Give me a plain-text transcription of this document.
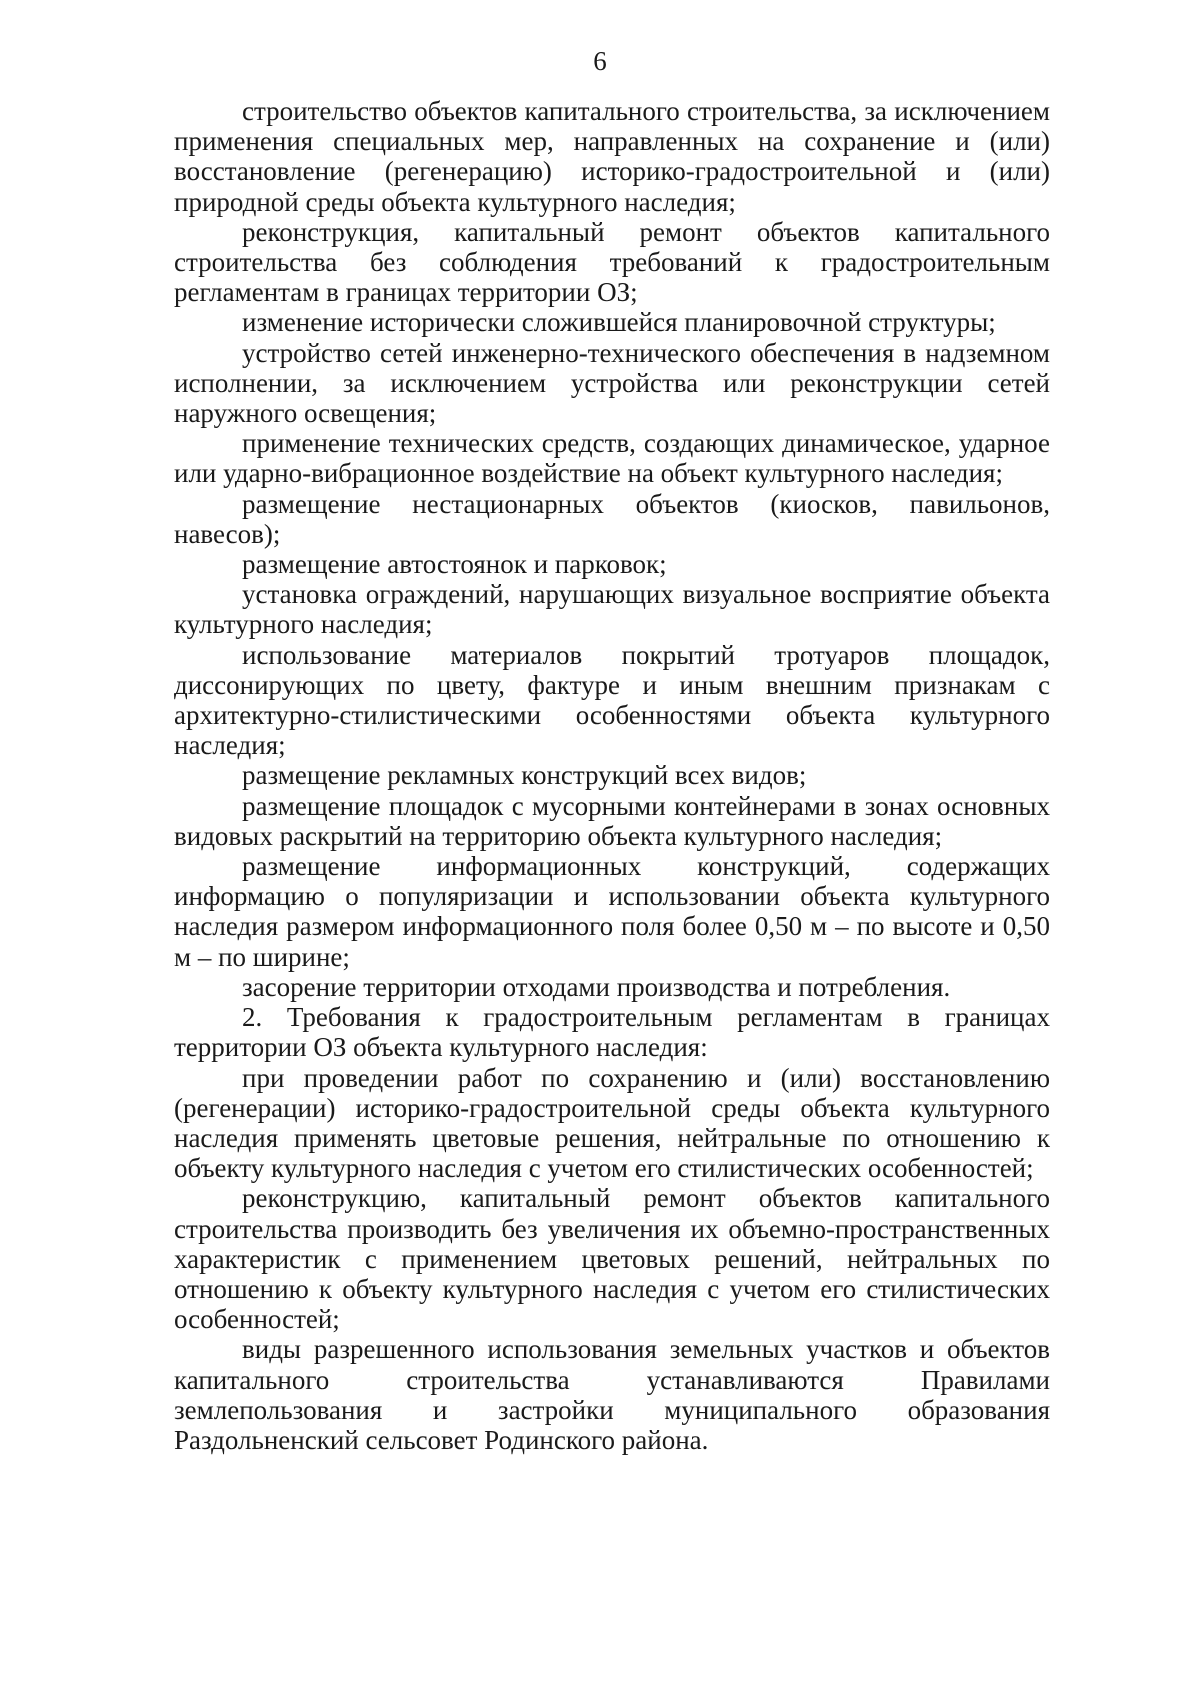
6

строительство объектов капитального строительства, за исключением применения специальных мер, направленных на сохранение и (или) восстановление (регенерацию) историко-градостроительной и (или) природной среды объекта культурного наследия;

реконструкция, капитальный ремонт объектов капитального строительства без соблюдения требований к градостроительным регламентам в границах территории ОЗ;

изменение исторически сложившейся планировочной структуры;

устройство сетей инженерно-технического обеспечения в надземном исполнении, за исключением устройства или реконструкции сетей наружного освещения;

применение технических средств, создающих динамическое, ударное или ударно-вибрационное воздействие на объект культурного наследия;

размещение нестационарных объектов (киосков, павильонов, навесов);

размещение автостоянок и парковок;

установка ограждений, нарушающих визуальное восприятие объекта культурного наследия;

использование материалов покрытий тротуаров площадок, диссонирующих по цвету, фактуре и иным внешним признакам с архитектурно-стилистическими особенностями объекта культурного наследия;

размещение рекламных конструкций всех видов;

размещение площадок с мусорными контейнерами в зонах основных видовых раскрытий на территорию объекта культурного наследия;

размещение информационных конструкций, содержащих информацию о популяризации и использовании объекта культурного наследия размером информационного поля более 0,50 м – по высоте и 0,50 м – по ширине;

засорение территории отходами производства и потребления.

2. Требования к градостроительным регламентам в границах территории ОЗ объекта культурного наследия:

при проведении работ по сохранению и (или) восстановлению (регенерации) историко-градостроительной среды объекта культурного наследия применять цветовые решения, нейтральные по отношению к объекту культурного наследия с учетом его стилистических особенностей;

реконструкцию, капитальный ремонт объектов капитального строительства производить без увеличения их объемно-пространственных характеристик с применением цветовых решений, нейтральных по отношению к объекту культурного наследия с учетом его стилистических особенностей;

виды разрешенного использования земельных участков и объектов капитального строительства устанавливаются Правилами землепользования и застройки муниципального образования Раздольненский сельсовет Родинского района.
